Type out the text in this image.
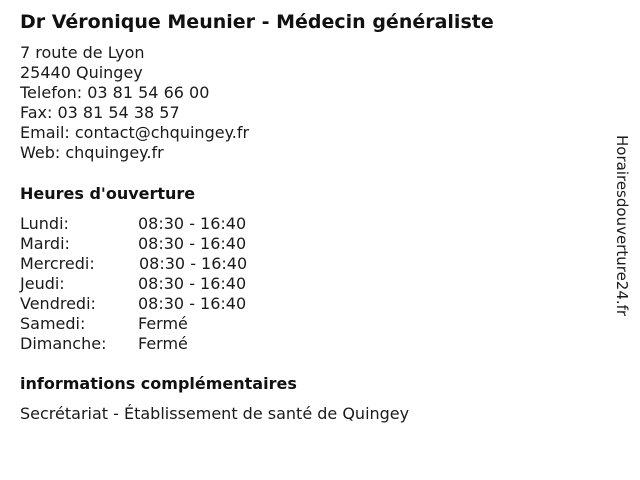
Dr Véronique Meunier - Médecin généraliste
7 route de Lyon
25440 Quingey
Telefon: 03 81 54 66 00
Fax: 03 81 54 38 57
Email: contact@chquingey.fr
Web: chquingey.fr
Heures d'ouverture
Lundi:	08:30 - 16:40
Mardi:	08:30 - 16:40
Mercredi:	08:30 - 16:40
Jeudi:	08:30 - 16:40
Vendredi:	08:30 - 16:40
Samedi:	Fermé
Dimanche: Fermé
informations complémentaires
Secrétariat - Établissement de santé de Quingey
Horairesdouverture24.fr
